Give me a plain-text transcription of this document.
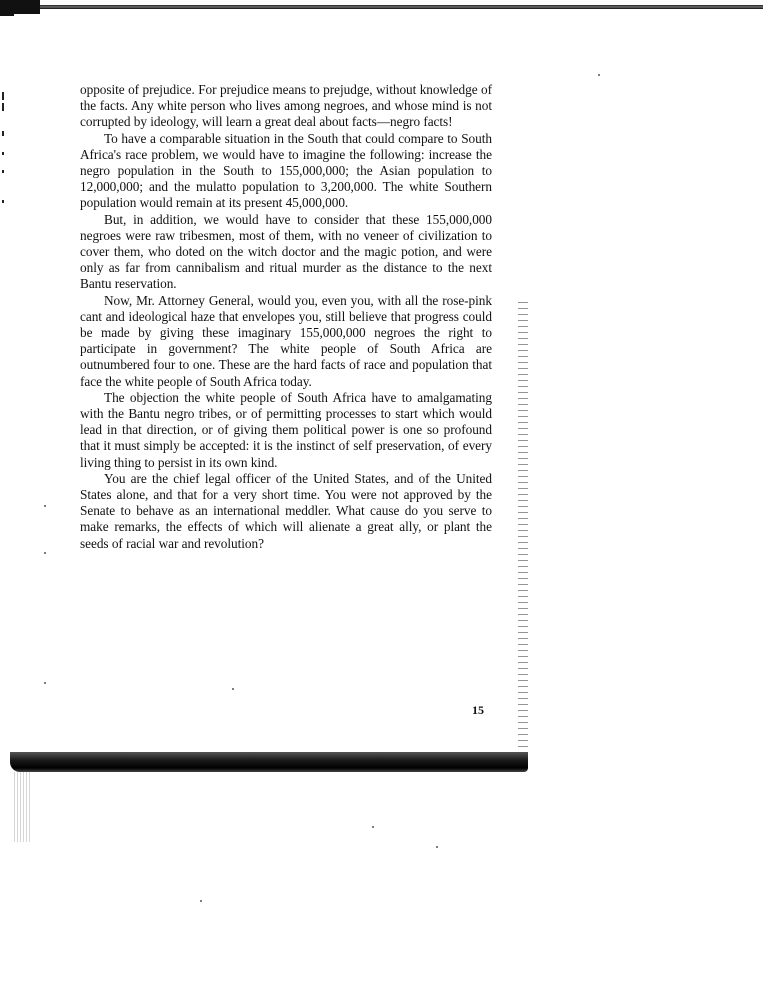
opposite of prejudice. For prejudice means to prejudge, without knowledge of the facts. Any white person who lives among negroes, and whose mind is not corrupted by ideology, will learn a great deal about facts—negro facts!

To have a comparable situation in the South that could compare to South Africa's race problem, we would have to imagine the following: increase the negro population in the South to 155,000,000; the Asian population to 12,000,000; and the mulatto population to 3,200,000. The white Southern population would remain at its present 45,000,000.

But, in addition, we would have to consider that these 155,000,000 negroes were raw tribesmen, most of them, with no veneer of civilization to cover them, who doted on the witch doctor and the magic potion, and were only as far from cannibalism and ritual murder as the distance to the next Bantu reservation.

Now, Mr. Attorney General, would you, even you, with all the rose-pink cant and ideological haze that envelopes you, still believe that progress could be made by giving these imaginary 155,000,000 negroes the right to participate in government? The white people of South Africa are outnumbered four to one. These are the hard facts of race and population that face the white people of South Africa today.

The objection the white people of South Africa have to amalgamating with the Bantu negro tribes, or of permitting processes to start which would lead in that direction, or of giving them political power is one so profound that it must simply be accepted: it is the instinct of self preservation, of every living thing to persist in its own kind.

You are the chief legal officer of the United States, and of the United States alone, and that for a very short time. You were not approved by the Senate to behave as an international meddler. What cause do you serve to make remarks, the effects of which will alienate a great ally, or plant the seeds of racial war and revolution?

15
